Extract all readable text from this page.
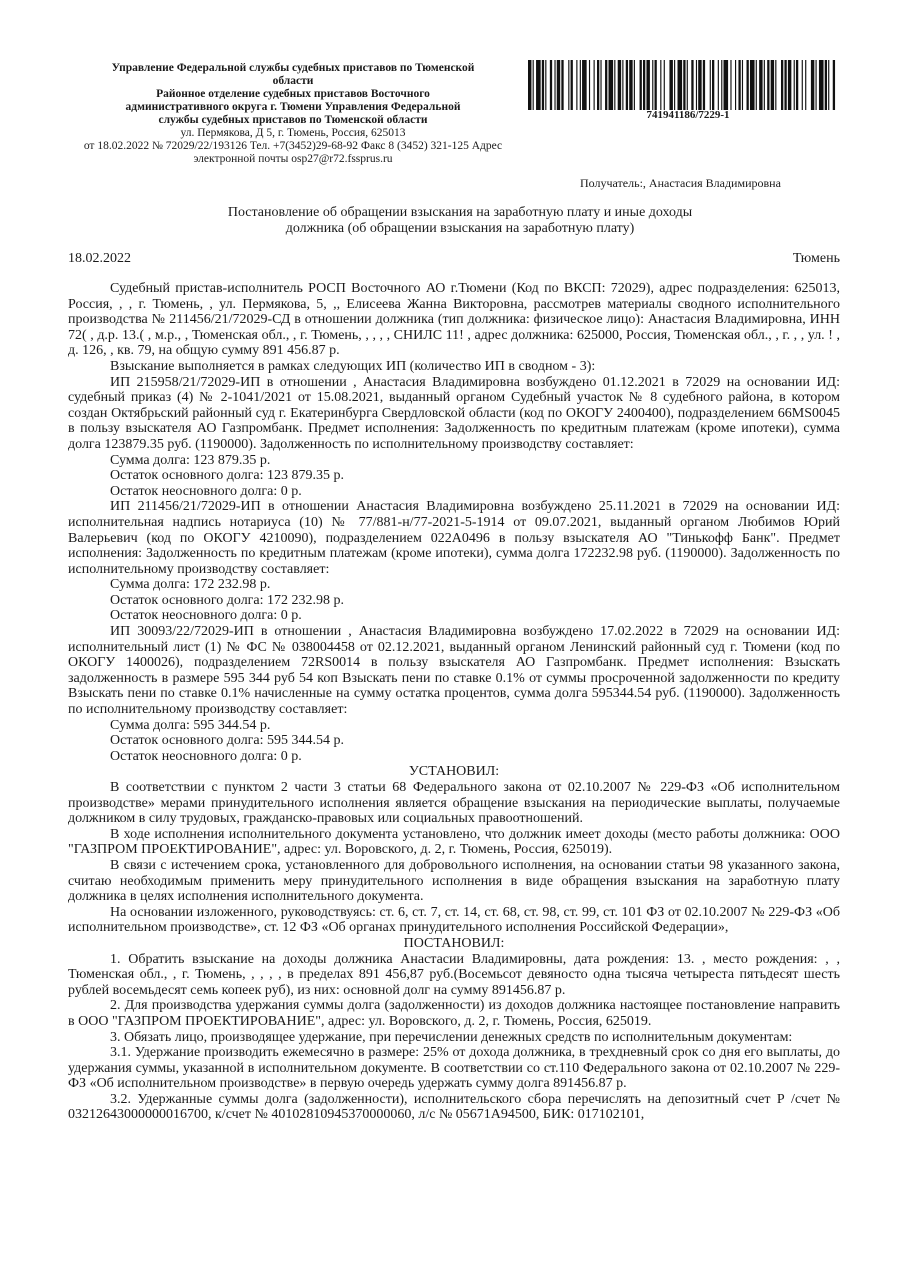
Управление Федеральной службы судебных приставов по Тюменской
области
Районное отделение судебных приставов Восточного
административного округа г. Тюмени Управления Федеральной
службы судебных приставов по Тюменской области
ул. Пермякова, Д 5, г. Тюмень, Россия, 625013
от 18.02.2022 № 72029/22/193126 Тел. +7(3452)29-68-92 Факс 8 (3452) 321-125 Адрес
электронной почты osp27@r72.fssprus.ru
741941186/7229-1
Получатель:, Анастасия Владимировна
Постановление об обращении взыскания на заработную плату и иные доходы
должника (об обращении взыскания на заработную плату)
18.02.2022	Тюмень

Судебный пристав-исполнитель РОСП Восточного АО г.Тюмени (Код по ВКСП: 72029), адрес подразделения: 625013, Россия, , , г. Тюмень, , ул. Пермякова, 5, ,, Елисеева Жанна Викторовна, рассмотрев материалы сводного исполнительного производства № 211456/21/72029-СД в отношении должника (тип должника: физическое лицо): Анастасия Владимировна, ИНН 72( , д.р. 13.( , м.р., , Тюменская обл., , г. Тюмень, , , , , СНИЛС 11! , адрес должника: 625000, Россия, Тюменская обл., , г. , , ул. ! , д. 126, , кв. 79, на общую сумму 891 456.87 р.

Взыскание выполняется в рамках следующих ИП (количество ИП в сводном - 3):

ИП 215958/21/72029-ИП в отношении , Анастасия Владимировна возбуждено 01.12.2021 в 72029 на основании ИД: судебный приказ (4) № 2-1041/2021 от 15.08.2021, выданный органом Судебный участок № 8 судебного района, в котором создан Октябрьский районный суд г. Екатеринбурга Свердловской области (код по ОКОГУ 2400400), подразделением 66MS0045 в пользу взыскателя АО Газпромбанк. Предмет исполнения: Задолженность по кредитным платежам (кроме ипотеки), сумма долга 123879.35 руб. (1190000). Задолженность по исполнительному производству составляет:

Сумма долга: 123 879.35 р.

Остаток основного долга: 123 879.35 р.

Остаток неосновного долга: 0 р.

ИП 211456/21/72029-ИП в отношении Анастасия Владимировна возбуждено 25.11.2021 в 72029 на основании ИД: исполнительная надпись нотариуса (10) № 77/881-н/77-2021-5-1914 от 09.07.2021, выданный органом Любимов Юрий Валерьевич (код по ОКОГУ 4210090), подразделением 022А0496 в пользу взыскателя АО "Тинькофф Банк". Предмет исполнения: Задолженность по кредитным платежам (кроме ипотеки), сумма долга 172232.98 руб. (1190000). Задолженность по исполнительному производству составляет:

Сумма долга: 172 232.98 р.

Остаток основного долга: 172 232.98 р.

Остаток неосновного долга: 0 р.

ИП 30093/22/72029-ИП в отношении , Анастасия Владимировна возбуждено 17.02.2022 в 72029 на основании ИД: исполнительный лист (1) № ФС № 038004458 от 02.12.2021, выданный органом Ленинский районный суд г. Тюмени (код по ОКОГУ 1400026), подразделением 72RS0014 в пользу взыскателя АО Газпромбанк. Предмет исполнения: Взыскать задолженность в размере 595 344 руб 54 коп Взыскать пени по ставке 0.1% от суммы просроченной задолженности по кредиту Взыскать пени по ставке 0.1% начисленные на сумму остатка процентов, сумма долга 595344.54 руб. (1190000). Задолженность по исполнительному производству составляет:

Сумма долга: 595 344.54 р.

Остаток основного долга: 595 344.54 р.

Остаток неосновного долга: 0 р.

УСТАНОВИЛ:

В соответствии с пунктом 2 части 3 статьи 68 Федерального закона от 02.10.2007 № 229-ФЗ «Об исполнительном производстве» мерами принудительного исполнения является обращение взыскания на периодические выплаты, получаемые должником в силу трудовых, гражданско-правовых или социальных правоотношений.

В ходе исполнения исполнительного документа установлено, что должник имеет доходы (место работы должника: ООО "ГАЗПРОМ ПРОЕКТИРОВАНИЕ", адрес: ул. Воровского, д. 2, г. Тюмень, Россия, 625019).

В связи с истечением срока, установленного для добровольного исполнения, на основании статьи 98 указанного закона, считаю необходимым применить меру принудительного исполнения в виде обращения взыскания на заработную плату должника в целях исполнения исполнительного документа.

На основании изложенного, руководствуясь: ст. 6, ст. 7, ст. 14, ст. 68, ст. 98, ст. 99, ст. 101 ФЗ от 02.10.2007 № 229-ФЗ «Об исполнительном производстве», ст. 12 ФЗ «Об органах принудительного исполнения Российской Федерации»,

ПОСТАНОВИЛ:

1. Обратить взыскание на доходы должника Анастасии Владимировны, дата рождения: 13. , место рождения: , , Тюменская обл., , г. Тюмень, , , , , в пределах 891 456,87 руб.(Восемьсот девяносто одна тысяча четыреста пятьдесят шесть рублей восемьдесят семь копеек руб), из них: основной долг на сумму 891456.87 р.

2. Для производства удержания суммы долга (задолженности) из доходов должника настоящее постановление направить в ООО "ГАЗПРОМ ПРОЕКТИРОВАНИЕ", адрес: ул. Воровского, д. 2, г. Тюмень, Россия, 625019.

3. Обязать лицо, производящее удержание, при перечислении денежных средств по исполнительным документам:

3.1. Удержание производить ежемесячно в размере: 25% от дохода должника, в трехдневный срок со дня его выплаты, до удержания суммы, указанной в исполнительном документе. В соответствии со ст.110 Федерального закона от 02.10.2007 № 229-ФЗ «Об исполнительном производстве» в первую очередь удержать сумму долга 891456.87 р.

3.2. Удержанные суммы долга (задолженности), исполнительского сбора перечислять на депозитный счет Р /счет № 03212643000000016700, к/счет № 40102810945370000060, л/с № 05671А94500, БИК: 017102101,
